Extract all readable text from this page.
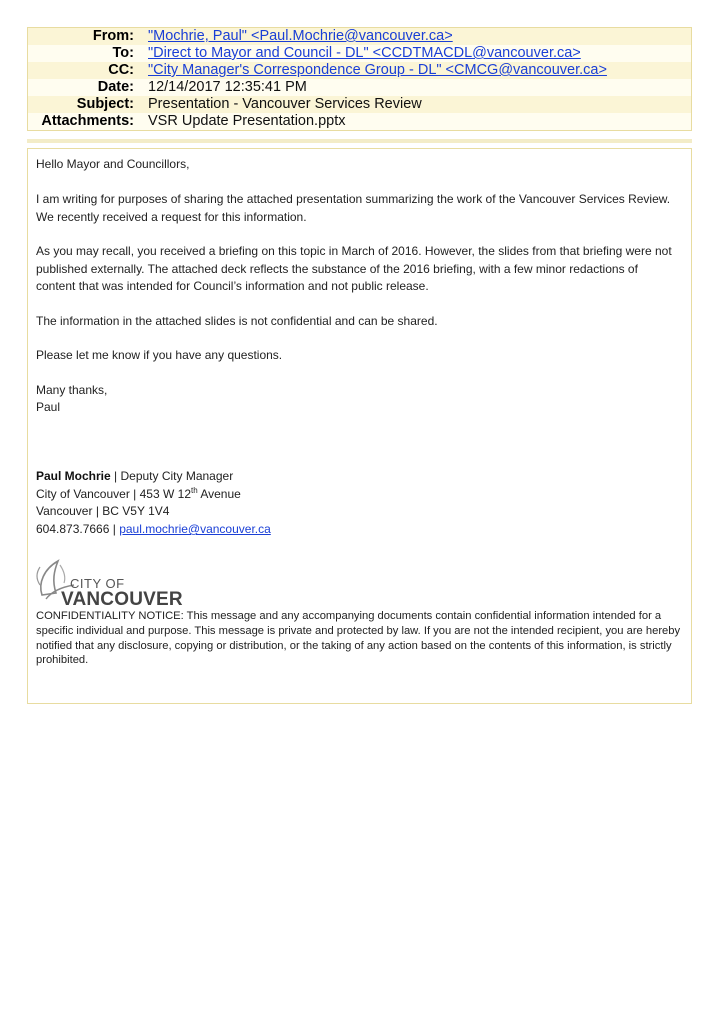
From: "Mochrie, Paul" <Paul.Mochrie@vancouver.ca>
To: "Direct to Mayor and Council - DL" <CCDTMACDL@vancouver.ca>
CC: "City Manager's Correspondence Group - DL" <CMCG@vancouver.ca>
Date: 12/14/2017 12:35:41 PM
Subject: Presentation - Vancouver Services Review
Attachments: VSR Update Presentation.pptx

Hello Mayor and Councillors,

I am writing for purposes of sharing the attached presentation summarizing the work of the Vancouver Services Review. We recently received a request for this information.

As you may recall, you received a briefing on this topic in March of 2016. However, the slides from that briefing were not published externally. The attached deck reflects the substance of the 2016 briefing, with a few minor redactions of content that was intended for Council’s information and not public release.

The information in the attached slides is not confidential and can be shared.

Please let me know if you have any questions.

Many thanks,

Paul

Paul Mochrie | Deputy City Manager
City of Vancouver | 453 W 12th Avenue
Vancouver | BC V5Y 1V4
604.873.7666 | paul.mochrie@vancouver.ca
CITY OF
VANCOUVER

CONFIDENTIALITY NOTICE: This message and any accompanying documents contain confidential information intended for a specific individual and purpose. This message is private and protected by law. If you are not the intended recipient, you are hereby notified that any disclosure, copying or distribution, or the taking of any action based on the contents of this information, is strictly prohibited.
